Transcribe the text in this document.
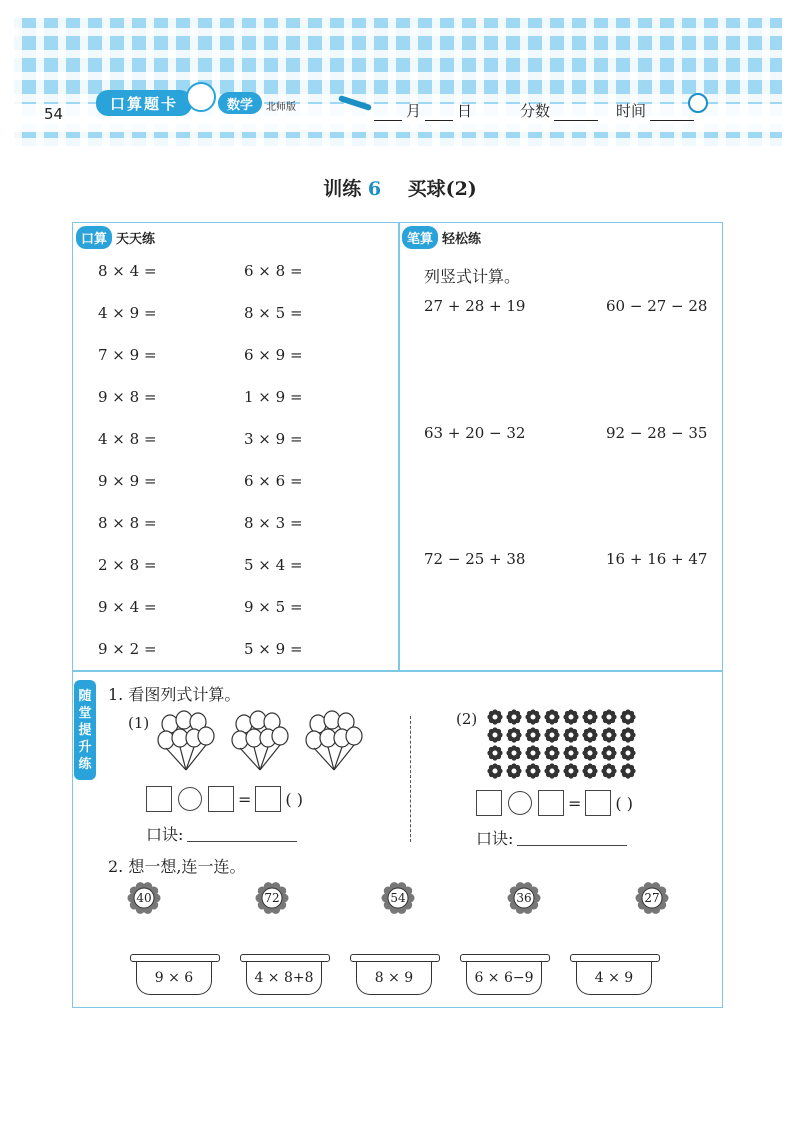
54
口算题卡	数学	北师版	月 日	分数	时间
训练 6 买球(2)
口算 天天练	笔算 轻松练
8 × 4 =	6 × 8 =
4 × 9 =	8 × 5 =
7 × 9 =	6 × 9 =
9 × 8 =	1 × 9 =
4 × 8 =	3 × 9 =
9 × 9 =	6 × 6 =
8 × 8 =	8 × 3 =
2 × 8 =	5 × 4 =
9 × 4 =	9 × 5 =
9 × 2 =	5 × 9 =
列竖式计算。
27 + 28 + 19	60 − 27 − 28
63 + 20 − 32	92 − 28 − 35
72 − 25 + 38	16 + 16 + 47
随
堂
提
升
练
1. 看图列式计算。
(1)	(2)
= ( )
口诀:
= ( )
口诀:
2. 想一想,连一连。
40	72	54	36	27
9 × 6	4 × 8+8	8 × 9	6 × 6−9	4 × 9
